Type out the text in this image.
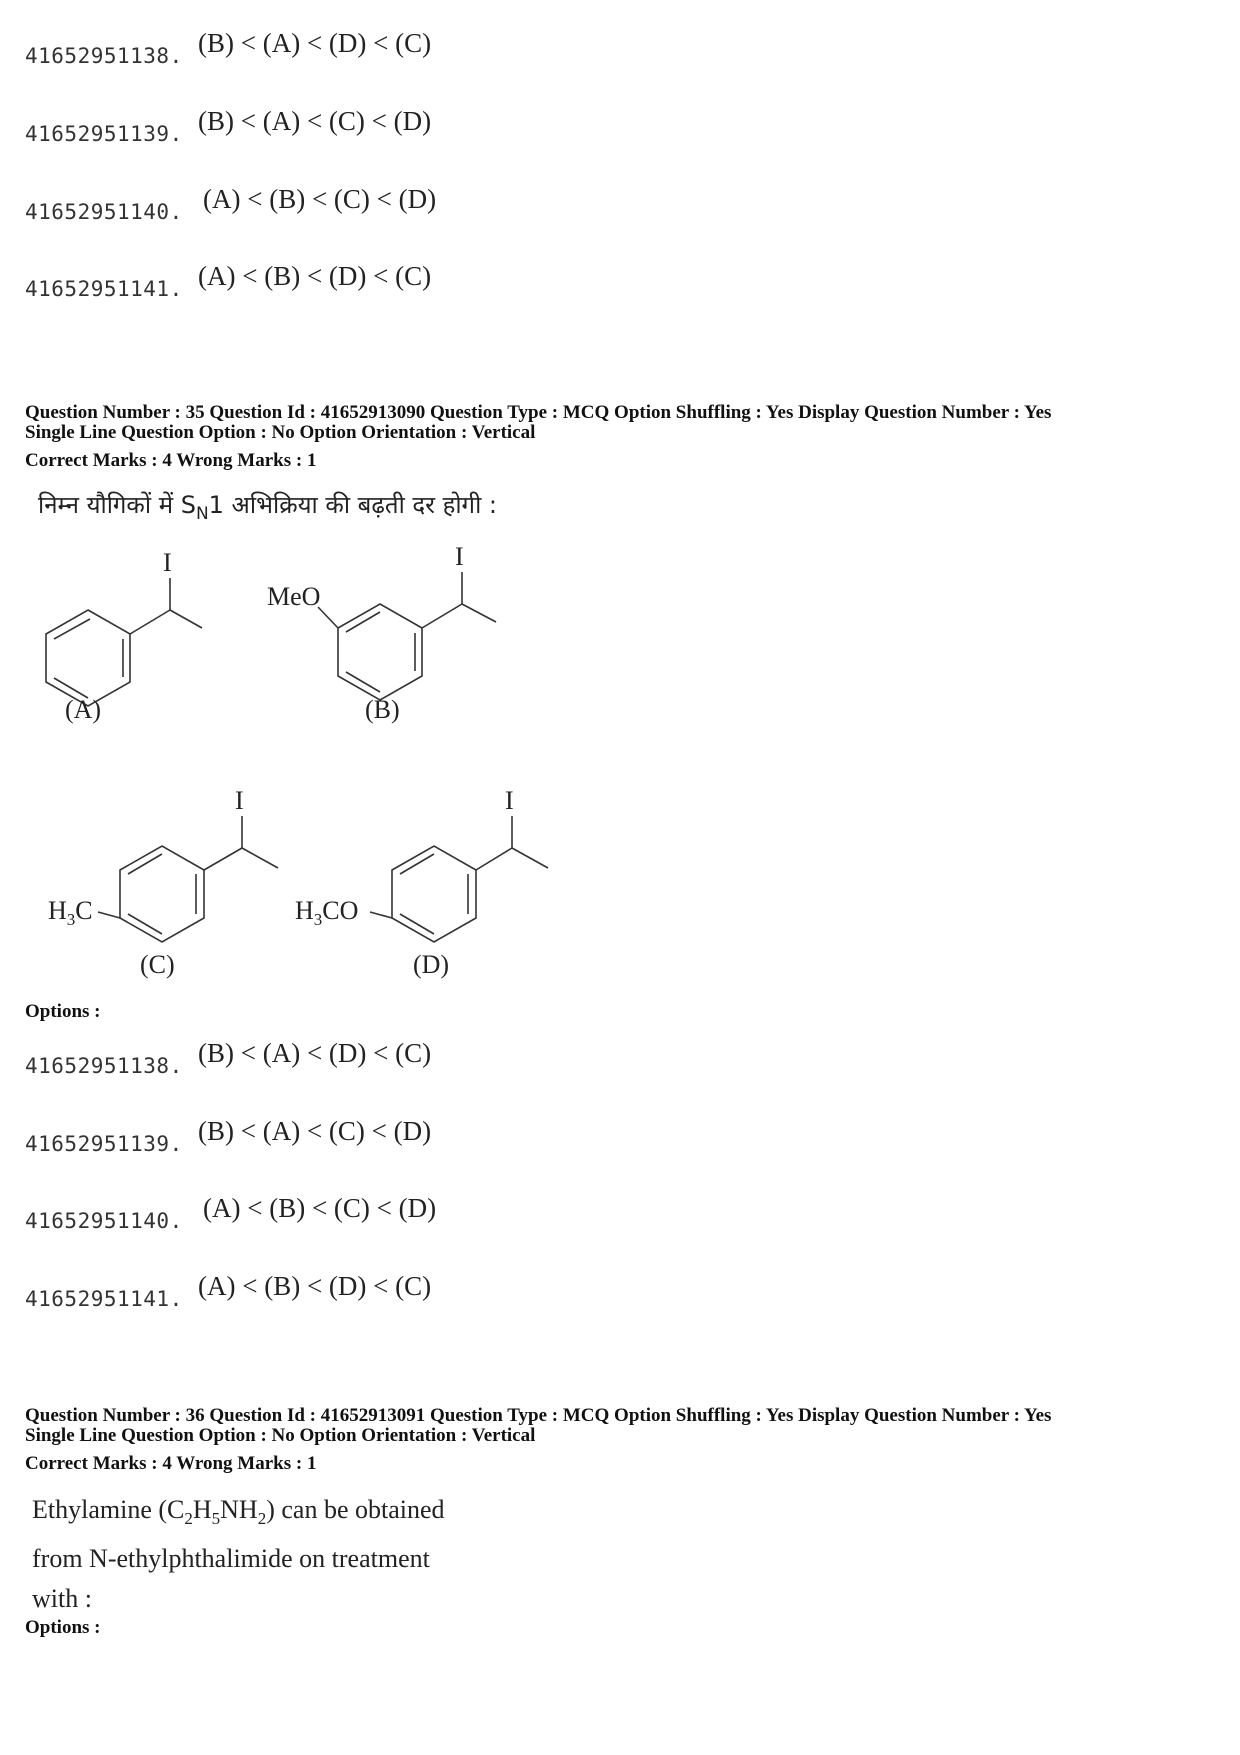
41652951138. (B) < (A) < (D) < (C)
41652951139. (B) < (A) < (C) < (D)
41652951140. (A) < (B) < (C) < (D)
41652951141. (A) < (B) < (D) < (C)
Question Number : 35 Question Id : 41652913090 Question Type : MCQ Option Shuffling : Yes Display Question Number : Yes
Single Line Question Option : No Option Orientation : Vertical
Correct Marks : 4 Wrong Marks : 1
निम्न यौगिकों में $S_N1$ अभिक्रिया की बढ़ती दर होगी :
I
MeO
I
(A)	(B)
I	I
$H_3C$	$H_3CO$
(C)	(D)
Options :
41652951138. (B) < (A) < (D) < (C)
41652951139. (B) < (A) < (C) < (D)
41652951140. (A) < (B) < (C) < (D)
41652951141. (A) < (B) < (D) < (C)
Question Number : 36 Question Id : 41652913091 Question Type : MCQ Option Shuffling : Yes Display Question Number : Yes
Single Line Question Option : No Option Orientation : Vertical
Correct Marks : 4 Wrong Marks : 1
Ethylamine $(C_2H_5NH_2)$ can be obtained
from N-ethylphthalimide on treatment
with :
Options :
